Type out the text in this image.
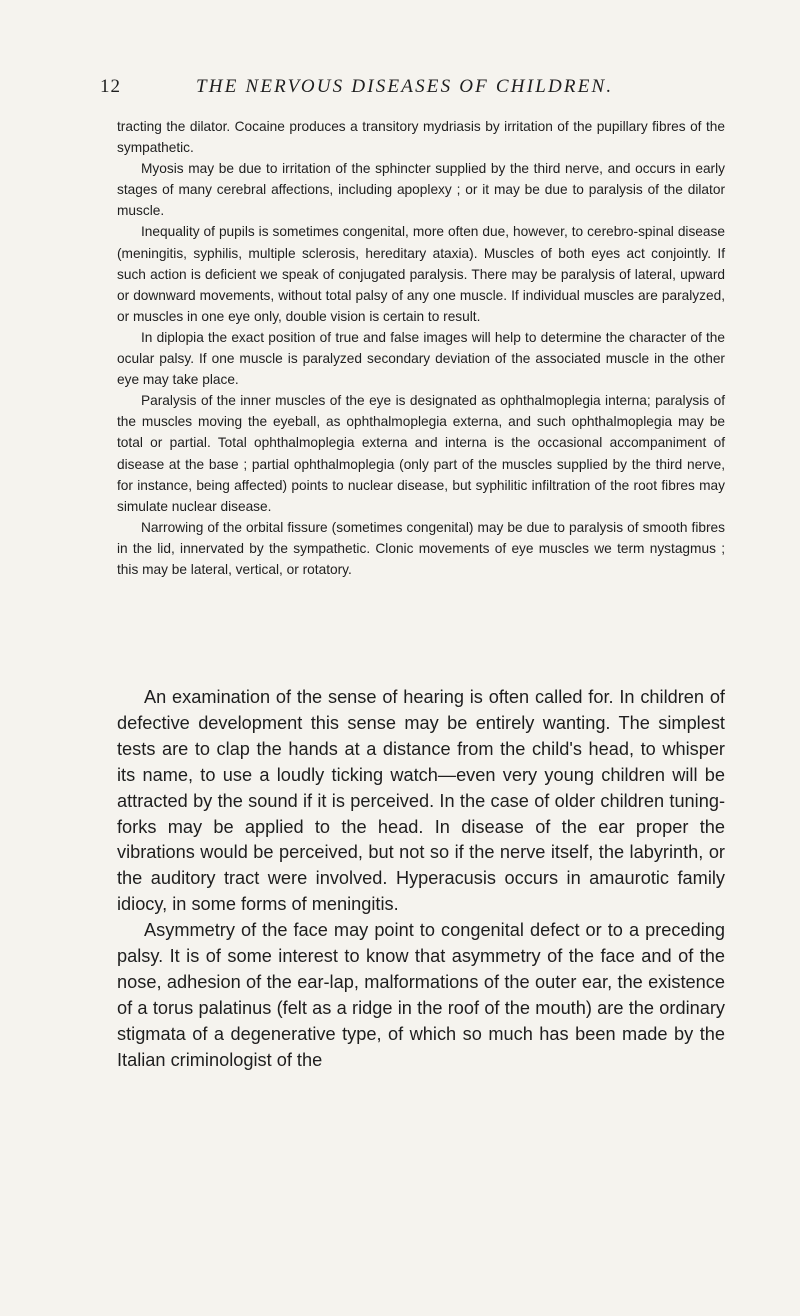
12	THE NERVOUS DISEASES OF CHILDREN.

tracting the dilator. Cocaine produces a transitory mydriasis by irritation of the pupillary fibres of the sympathetic.

Myosis may be due to irritation of the sphincter supplied by the third nerve, and occurs in early stages of many cerebral affections, including apoplexy ; or it may be due to paralysis of the dilator muscle.

Inequality of pupils is sometimes congenital, more often due, however, to cerebro-spinal disease (meningitis, syphilis, multiple sclerosis, hereditary ataxia). Muscles of both eyes act conjointly. If such action is deficient we speak of conjugated paralysis. There may be paralysis of lateral, upward or downward movements, without total palsy of any one muscle. If individual muscles are paralyzed, or muscles in one eye only, double vision is certain to result.

In diplopia the exact position of true and false images will help to determine the character of the ocular palsy. If one muscle is paralyzed secondary deviation of the associated muscle in the other eye may take place.

Paralysis of the inner muscles of the eye is designated as ophthalmoplegia interna; paralysis of the muscles moving the eyeball, as ophthalmoplegia externa, and such ophthalmoplegia may be total or partial. Total ophthalmoplegia externa and interna is the occasional accompaniment of disease at the base ; partial ophthalmoplegia (only part of the muscles supplied by the third nerve, for instance, being affected) points to nuclear disease, but syphilitic infiltration of the root fibres may simulate nuclear disease.

Narrowing of the orbital fissure (sometimes congenital) may be due to paralysis of smooth fibres in the lid, innervated by the sympathetic. Clonic movements of eye muscles we term nystagmus ; this may be lateral, vertical, or rotatory.

An examination of the sense of hearing is often called for. In children of defective development this sense may be entirely wanting. The simplest tests are to clap the hands at a distance from the child's head, to whisper its name, to use a loudly ticking watch—even very young children will be attracted by the sound if it is perceived. In the case of older children tuning-forks may be applied to the head. In disease of the ear proper the vibrations would be perceived, but not so if the nerve itself, the labyrinth, or the auditory tract were involved. Hyperacusis occurs in amaurotic family idiocy, in some forms of meningitis.

Asymmetry of the face may point to congenital defect or to a preceding palsy. It is of some interest to know that asymmetry of the face and of the nose, adhesion of the ear-lap, malformations of the outer ear, the existence of a torus palatinus (felt as a ridge in the roof of the mouth) are the ordinary stigmata of a degenerative type, of which so much has been made by the Italian criminologist of the
